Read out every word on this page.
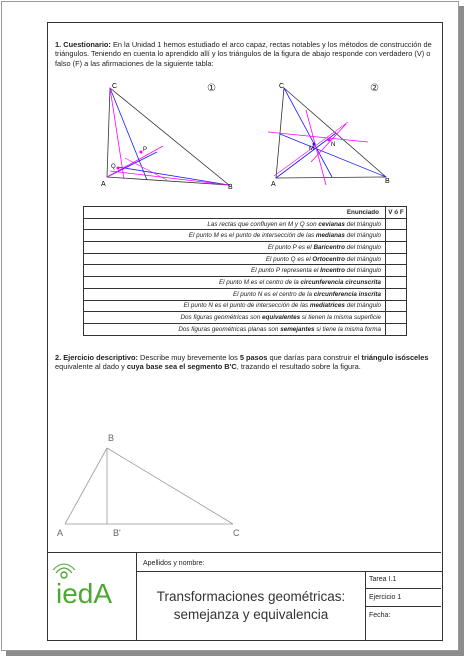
1. Cuestionario: En la Unidad 1 hemos estudiado el arco capaz, rectas notables y los métodos de construcción de triángulos. Teniendo en cuenta lo aprendido allí y los triángulos de la figura de abajo responde con verdadero (V) o falso (F) a las afirmaciones de la siguiente tabla:
C
A	B
P
Q
①	C
A	B
M
N
②
Enunciado	V ó F
Las rectas que confluyen en M y Q son cevianas del triángulo	
El punto M es el punto de intersección de las medianas del triángulo	
El punto P es el Baricentro del triángulo	
El punto Q es el Ortocentro del triángulo	
El punto P representa el Incentro del triángulo	
El punto M es el centro de la circunferencia circunscrita	
El punto N es el centro de la circunferencia inscrita	
El punto N es el punto de intersección de las mediatrices del triángulo	
Dos figuras geométricas son equivalentes si tienen la misma superficie	
Dos figuras geométricas planas son semejantes si tiene la misma forma	
2. Ejercicio descriptivo: Describe muy brevemente los 5 pasos que darías para construir el triángulo isósceles equivalente al dado y cuya base sea el segmento B'C, trazando el resultado sobre la figura.
B
A	B'	C
iedA
Apellidos y nombre:
Transformaciones geométricas:
semejanza y equivalencia
Tarea I.1
Ejercicio 1
Fecha:
